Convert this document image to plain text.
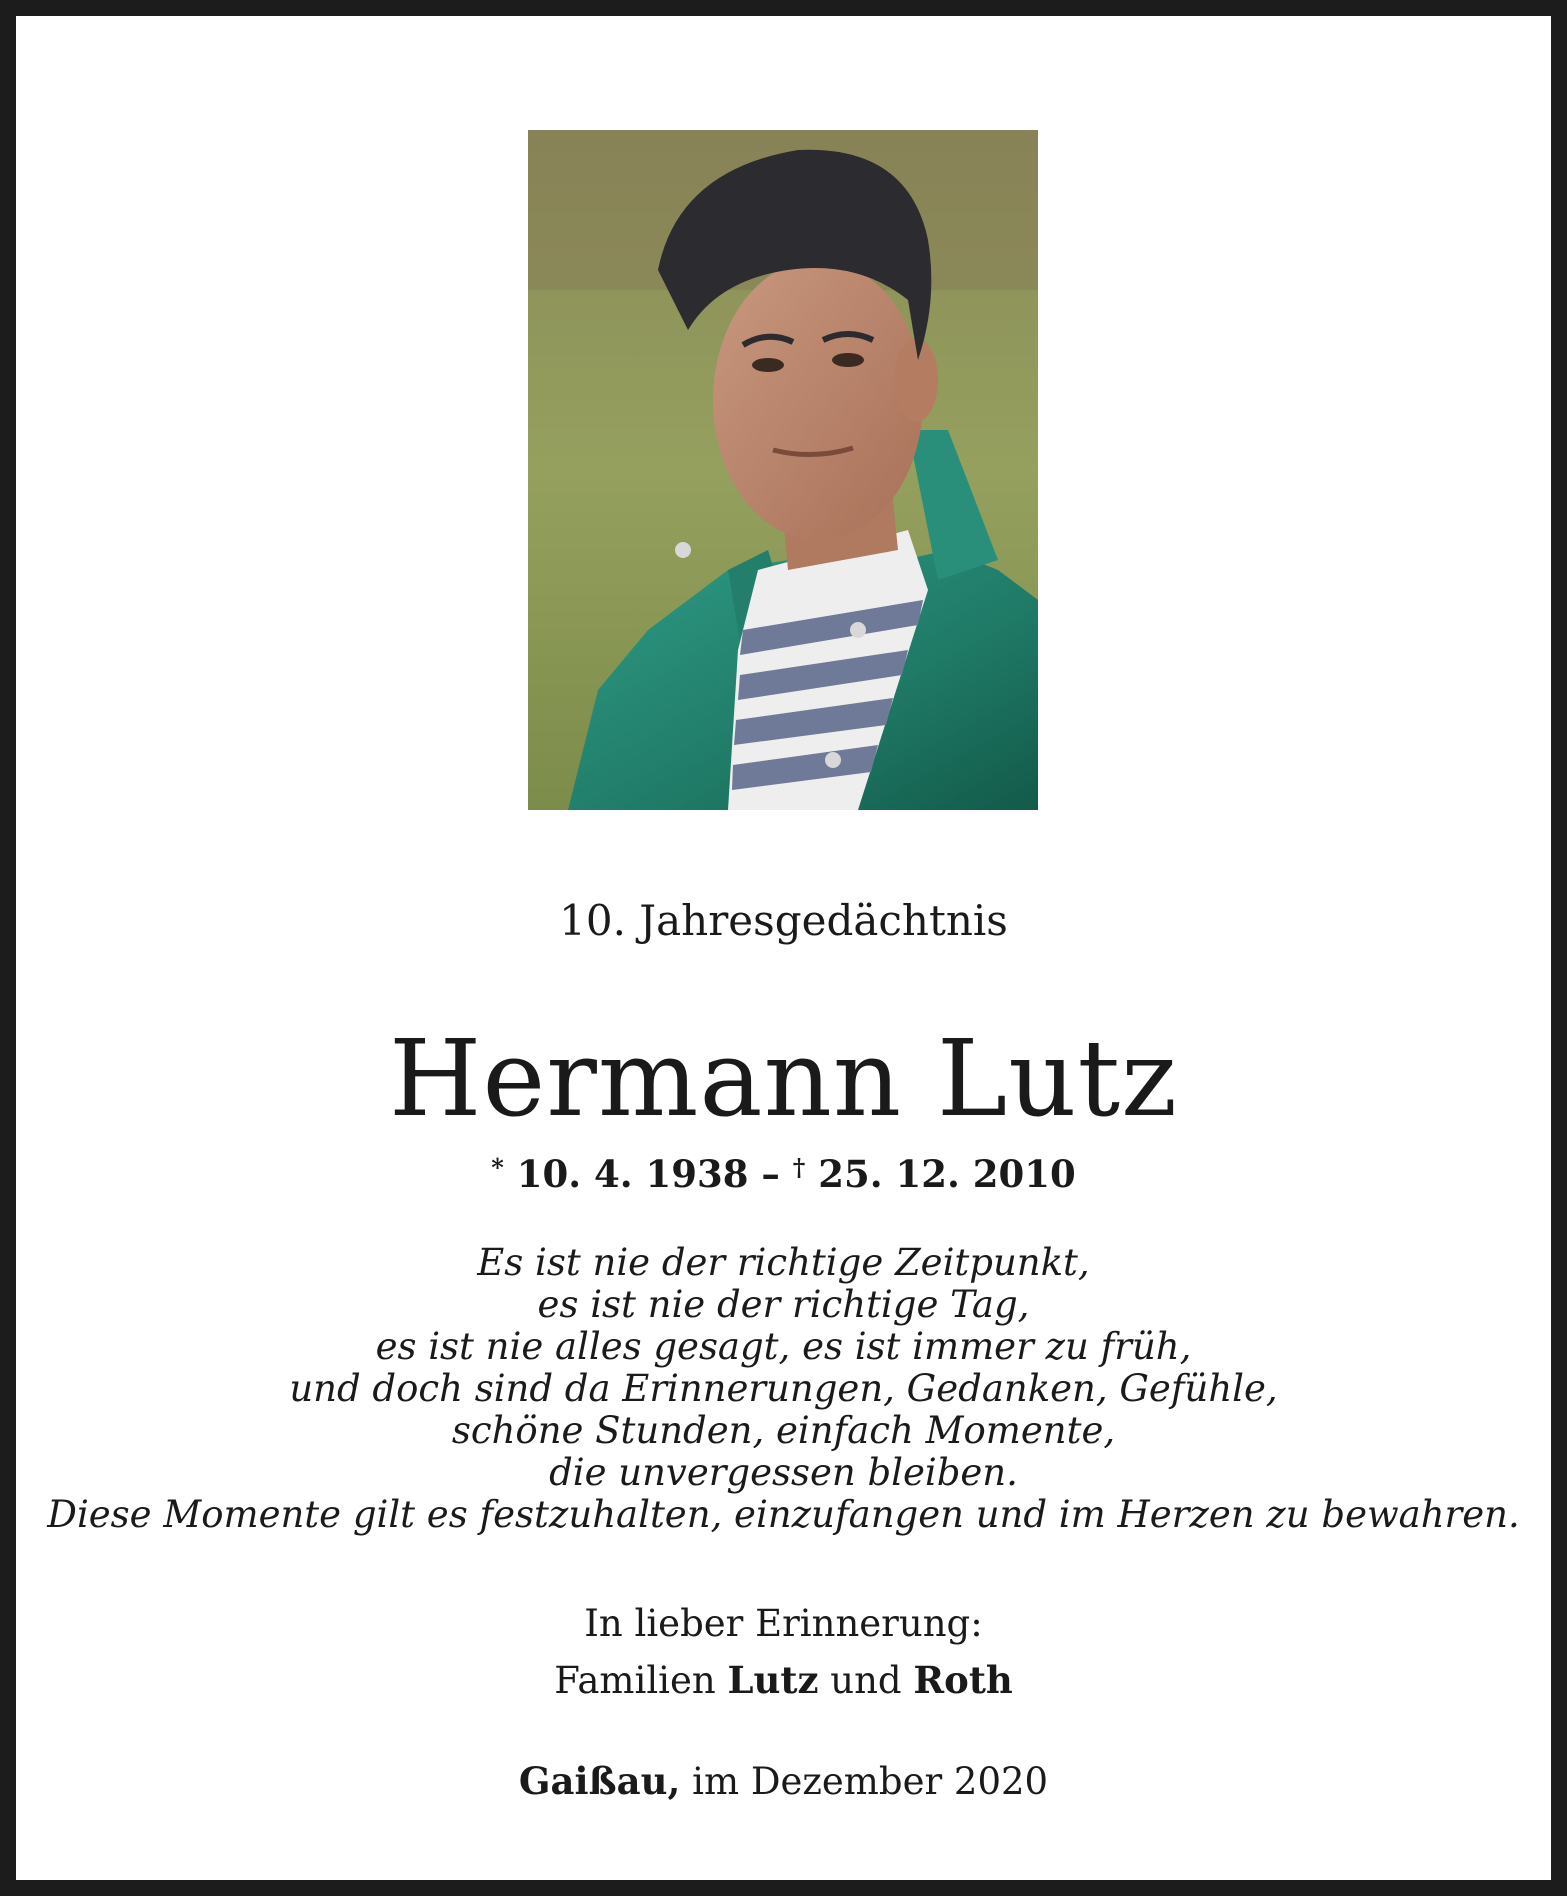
10. Jahresgedächtnis
Hermann Lutz
* 10. 4. 1938 – † 25. 12. 2010
Es ist nie der richtige Zeitpunkt,
es ist nie der richtige Tag,
es ist nie alles gesagt, es ist immer zu früh,
und doch sind da Erinnerungen, Gedanken, Gefühle,
schöne Stunden, einfach Momente,
die unvergessen bleiben.
Diese Momente gilt es festzuhalten, einzufangen und im Herzen zu bewahren.
In lieber Erinnerung:
Familien Lutz und Roth
Gaißau, im Dezember 2020
